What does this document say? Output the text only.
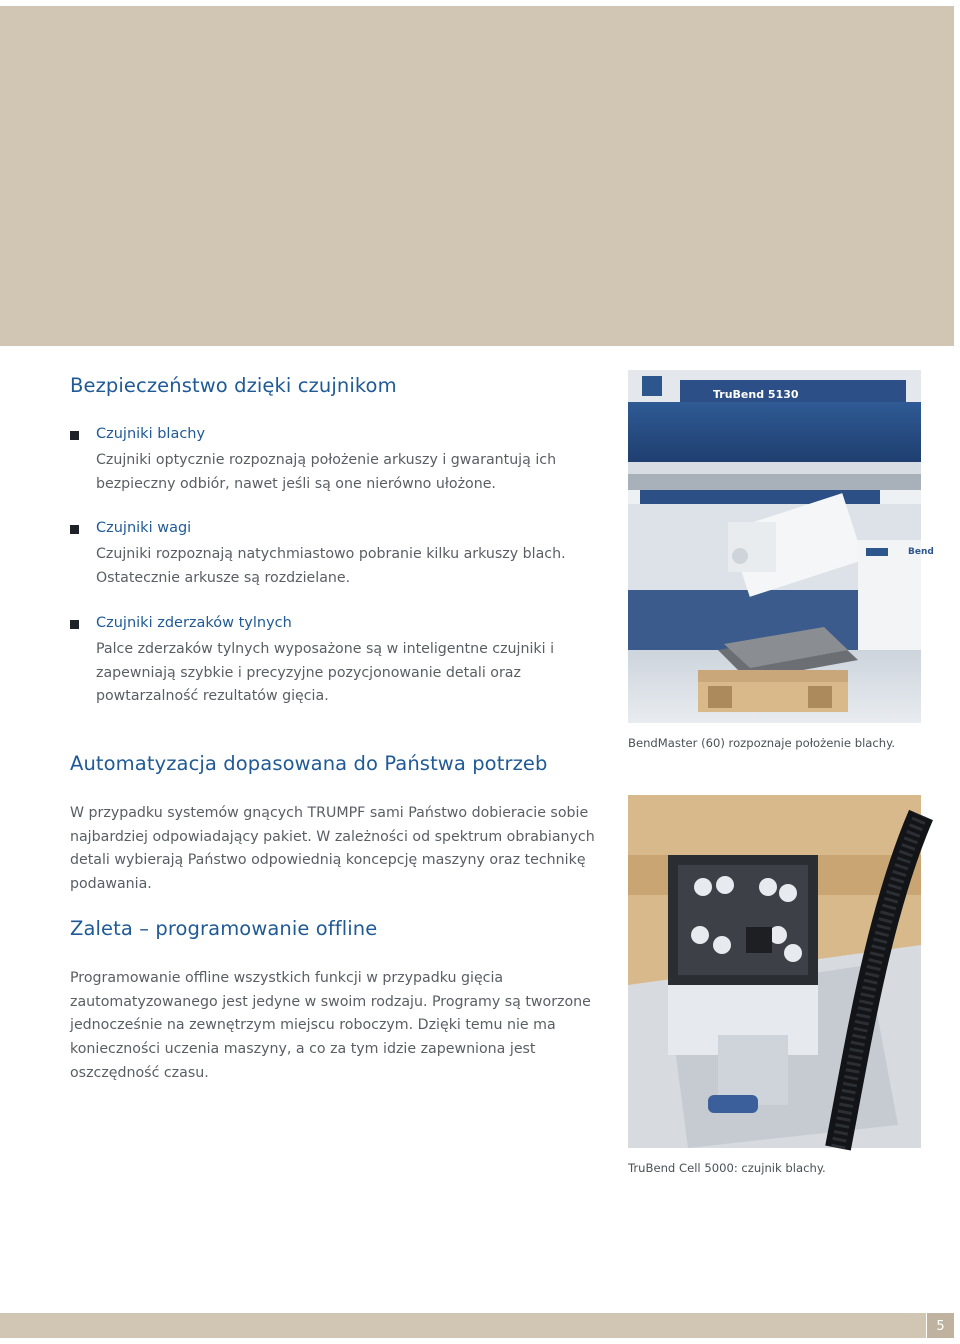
Bezpieczeństwo dzięki czujnikom
Czujniki blachy

Czujniki optycznie rozpoznają położenie arkuszy i gwarantują ich bezpieczny odbiór, nawet jeśli są one nierówno ułożone.

Czujniki wagi

Czujniki rozpoznają natychmiastowo pobranie kilku arkuszy blach. Ostatecznie arkusze są rozdzielane.

Czujniki zderzaków tylnych

Palce zderzaków tylnych wyposażone są w inteligentne czujniki i zapewniają szybkie i precyzyjne pozycjonowanie detali oraz powtarzalność rezultatów gięcia.

Automatyzacja dopasowana do Państwa potrzeb

W przypadku systemów gnących TRUMPF sami Państwo dobieracie sobie najbardziej odpowiadający pakiet. W zależności od spektrum obrabianych detali wybierają Państwo odpowiednią koncepcję maszyny oraz technikę podawania.

Zaleta – programowanie offline

Programowanie offline wszystkich funkcji w przypadku gięcia zautomatyzowanego jest jedyne w swoim rodzaju. Programy są tworzone jednocześnie na zewnętrzym miejscu roboczym. Dzięki temu nie ma konieczności uczenia maszyny, a co za tym idzie zapewniona jest oszczędność czasu.

TruBend 5130
Bend
BendMaster (60) rozpoznaje położenie blachy.
TruBend Cell 5000: czujnik blachy.
5
